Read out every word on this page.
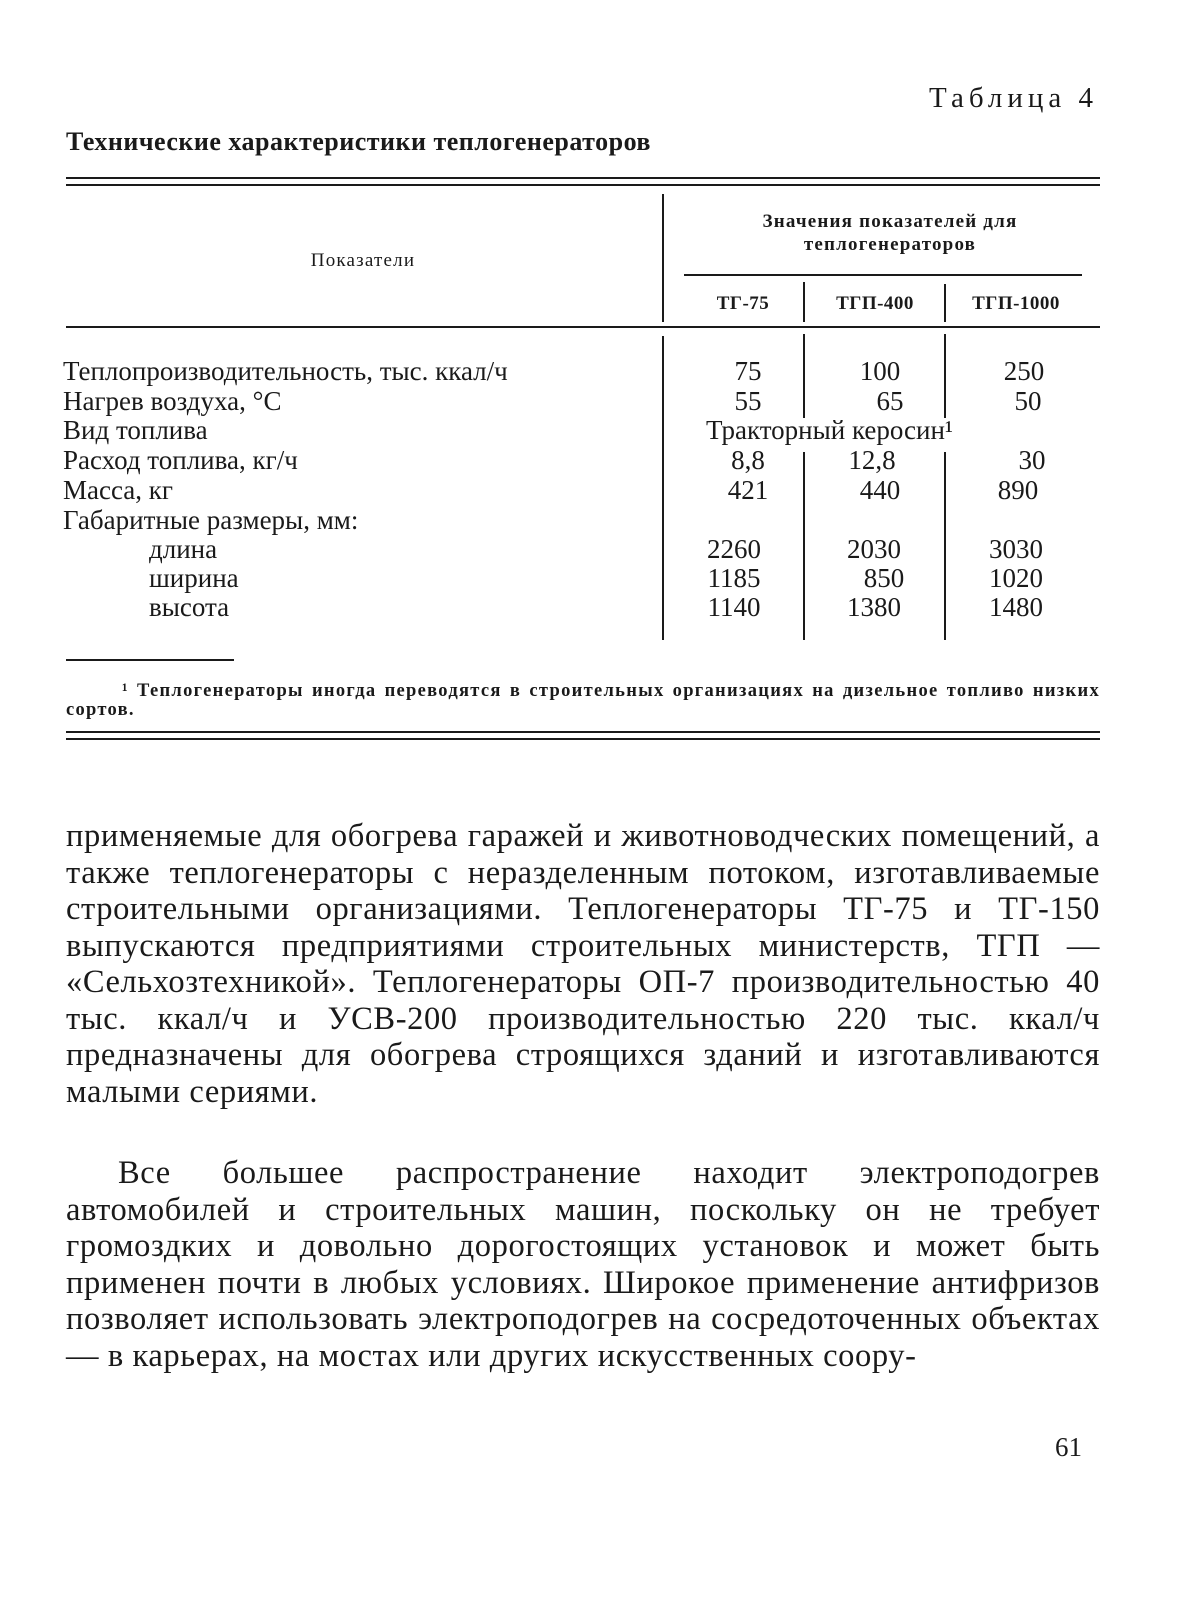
Таблица 4
Технические характеристики теплогенераторов
Показатели
Значения показателей для
теплогенераторов
ТГ-75	ТГП-400	ТГП-1000
Теплопроизводительность, тыс. ккал/ч
Нагрев воздуха, °С
Вид топлива
Расход топлива, кг/ч
Масса, кг
Габаритные размеры, мм:
длина
ширина
высота
75
55
8,8
421
2260
1185
1140
100
65
12,8
440
2030
850
1380
250
50
30
890
3030
1020
1480
Тракторный керосин¹
¹ Теплогенераторы иногда переводятся в строительных организациях на дизельное топливо низких сортов.

применяемые для обогрева гаражей и животноводческих помещений, а также теплогенераторы с неразделенным потоком, изготавливаемые строительными организациями. Теплогенераторы ТГ-75 и ТГ-150 выпускаются предприятиями строительных министерств, ТГП — «Сельхозтехникой». Теплогенераторы ОП-7 производительностью 40 тыс. ккал/ч и УСВ-200 производительностью 220 тыс. ккал/ч предназначены для обогрева строящихся зданий и изготавливаются малыми сериями.

Все большее распространение находит электроподогрев автомобилей и строительных машин, поскольку он не требует громоздких и довольно дорогостоящих установок и может быть применен почти в любых условиях. Широкое применение антифризов позволяет использовать электроподогрев на сосредоточенных объектах — в карьерах, на мостах или других искусственных соору-

61
